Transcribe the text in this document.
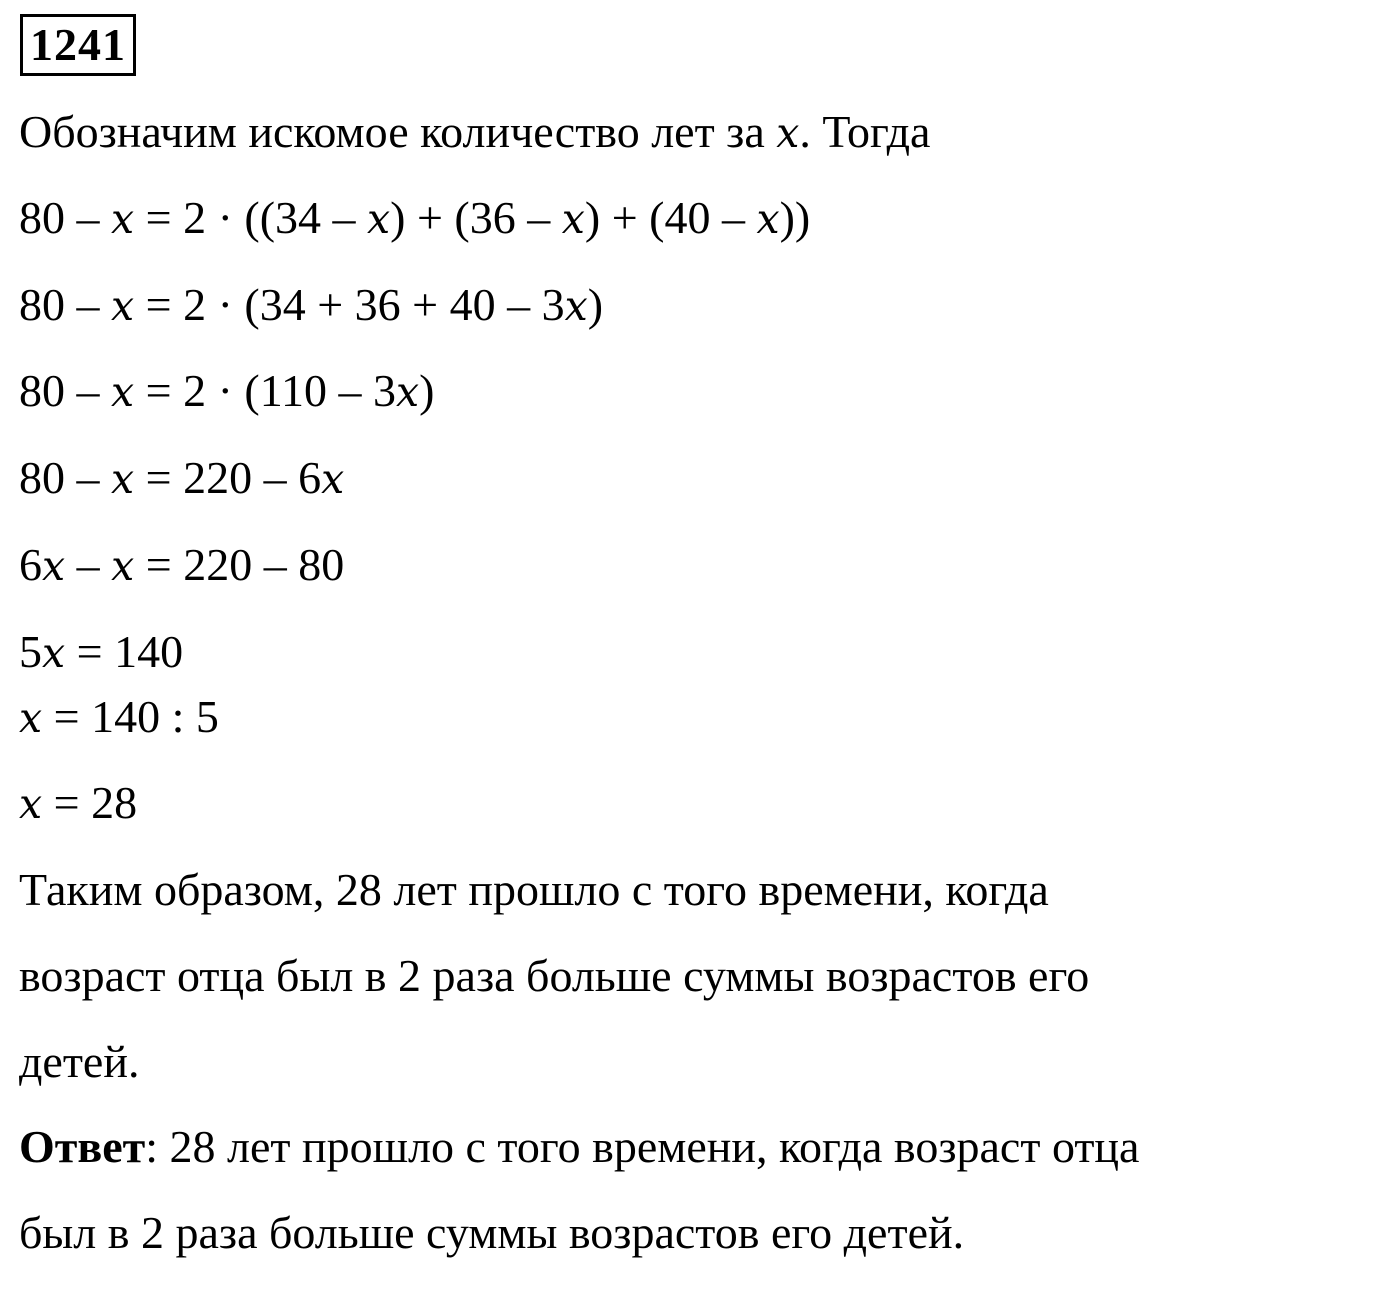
1241
Обозначим искомое количество лет за x. Тогда
80 – x = 2 · ((34 – x) + (36 – x) + (40 – x))
80 – x = 2 · (34 + 36 + 40 – 3x)
80 – x = 2 · (110 – 3x)
80 – x = 220 – 6x
6x – x = 220 – 80
5x = 140
x = 140 : 5
x = 28
Таким образом, 28 лет прошло с того времени, когда
возраст отца был в 2 раза больше суммы возрастов его
детей.
Ответ: 28 лет прошло с того времени, когда возраст отца
был в 2 раза больше суммы возрастов его детей.
